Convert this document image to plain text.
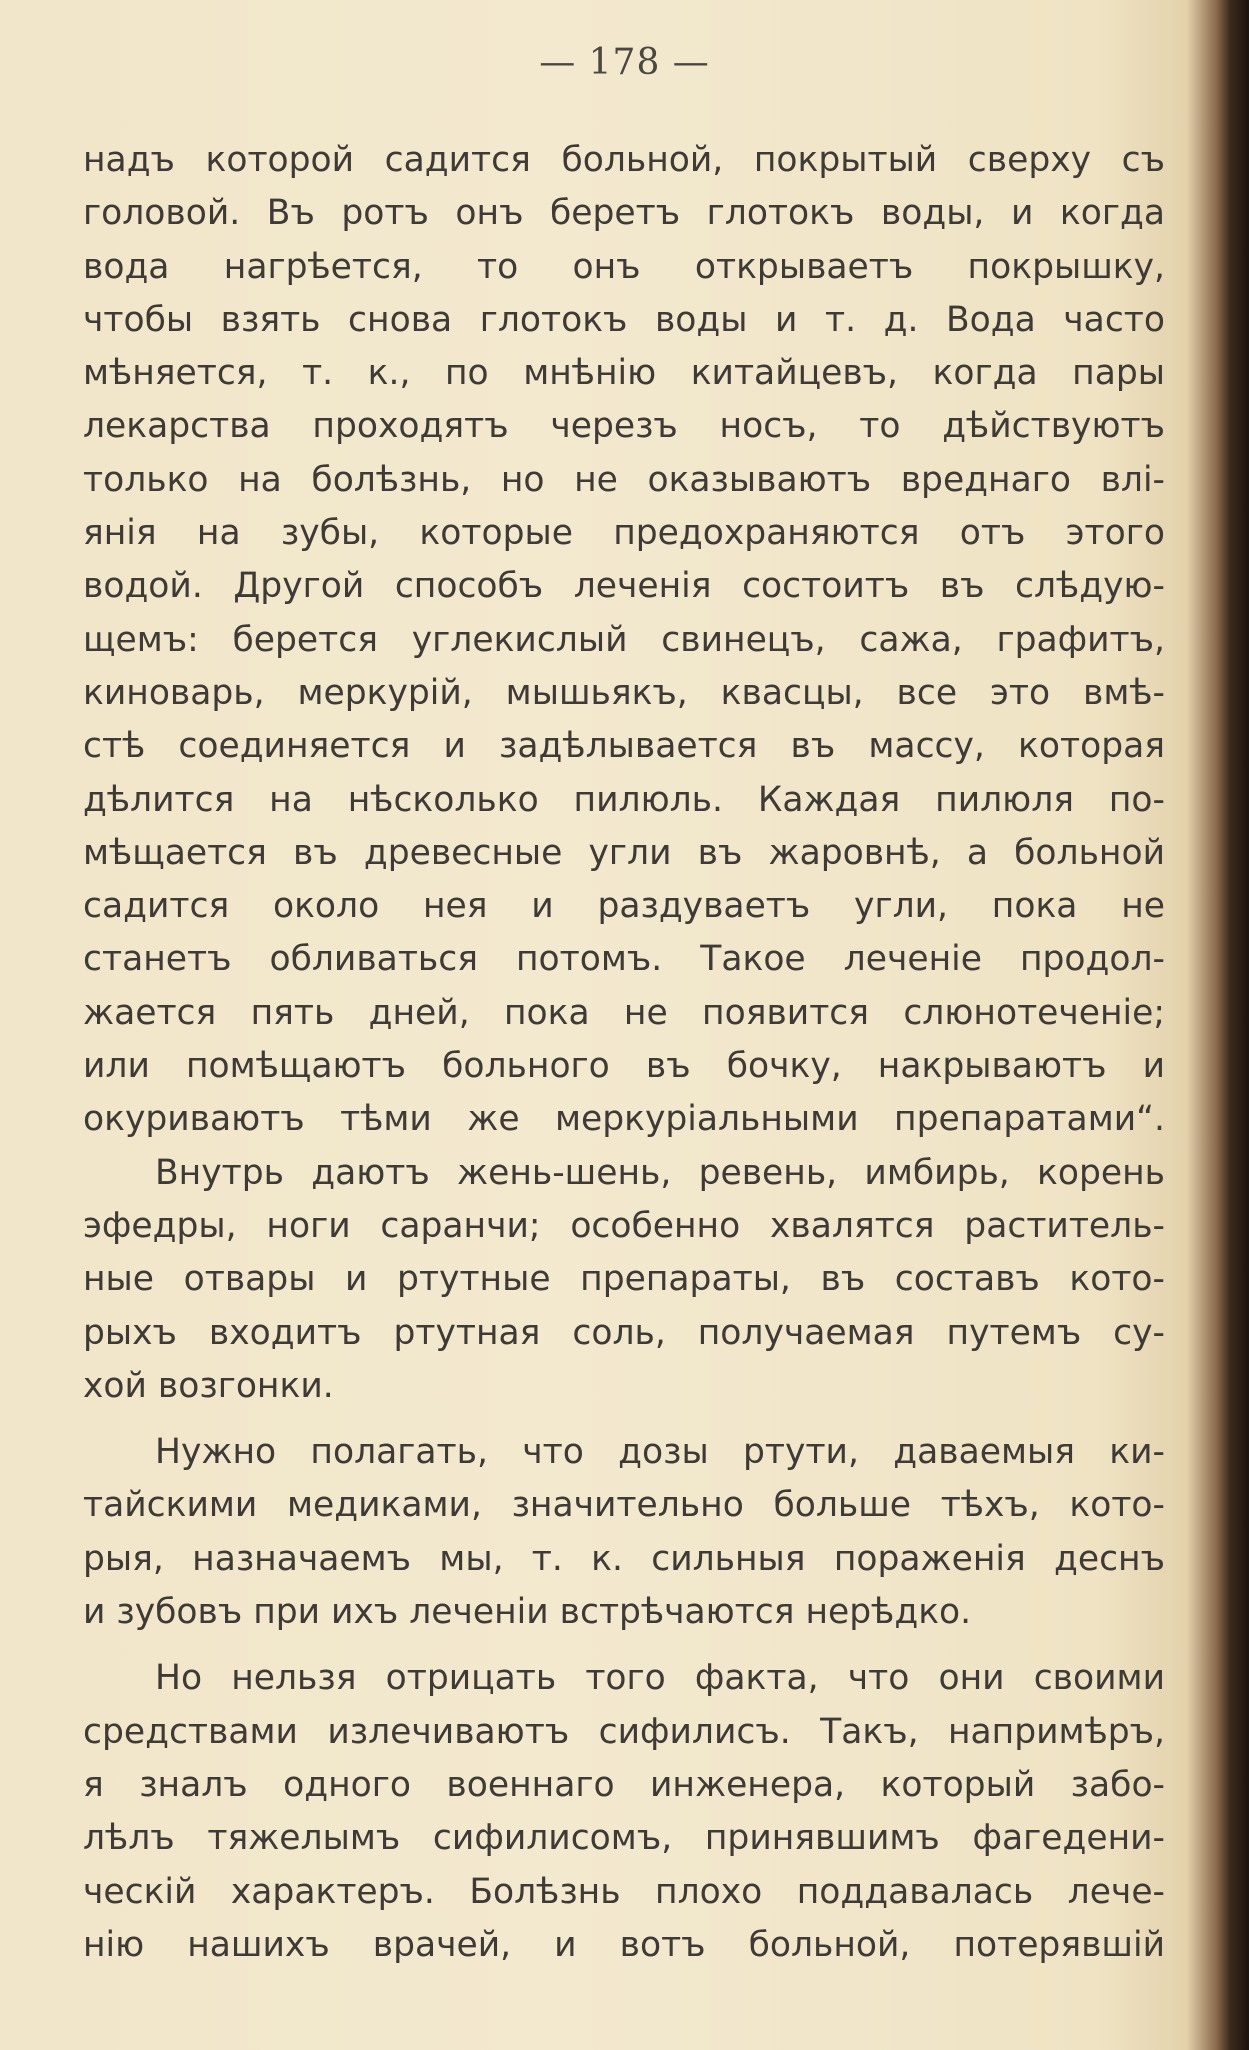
— 178 —
надъ которой садится больной, покрытый сверху съ
головой. Въ ротъ онъ беретъ глотокъ воды, и когда
вода нагрѣется, то онъ открываетъ покрышку,
чтобы взять снова глотокъ воды и т. д. Вода часто
мѣняется, т. к., по мнѣнію китайцевъ, когда пары
лекарства проходятъ черезъ носъ, то дѣйствуютъ
только на болѣзнь, но не оказываютъ вреднаго влі-
янія на зубы, которые предохраняются отъ этого
водой. Другой способъ леченія состоитъ въ слѣдую-
щемъ: берется углекислый свинецъ, сажа, графитъ,
киноварь, меркурій, мышьякъ, квасцы, все это вмѣ-
стѣ соединяется и задѣлывается въ массу, которая
дѣлится на нѣсколько пилюль. Каждая пилюля по-
мѣщается въ древесные угли въ жаровнѣ, а больной
садится около нея и раздуваетъ угли, пока не
станетъ обливаться потомъ. Такое леченіе продол-
жается пять дней, пока не появится слюнотеченіе;
или помѣщаютъ больного въ бочку, накрываютъ и
окуриваютъ тѣми же меркуріальными препаратами“.
Внутрь даютъ жень-шень, ревень, имбирь, корень
эфедры, ноги саранчи; особенно хвалятся раститель-
ные отвары и ртутные препараты, въ составъ кото-
рыхъ входитъ ртутная соль, получаемая путемъ су-
хой возгонки.
Нужно полагать, что дозы ртути, даваемыя ки-
тайскими медиками, значительно больше тѣхъ, кото-
рыя, назначаемъ мы, т. к. сильныя пораженія деснъ
и зубовъ при ихъ леченіи встрѣчаются нерѣдко.
Но нельзя отрицать того факта, что они своими
средствами излечиваютъ сифилисъ. Такъ, напримѣръ,
я зналъ одного военнаго инженера, который забо-
лѣлъ тяжелымъ сифилисомъ, принявшимъ фагедени-
ческій характеръ. Болѣзнь плохо поддавалась лече-
нію нашихъ врачей, и вотъ больной, потерявшій
